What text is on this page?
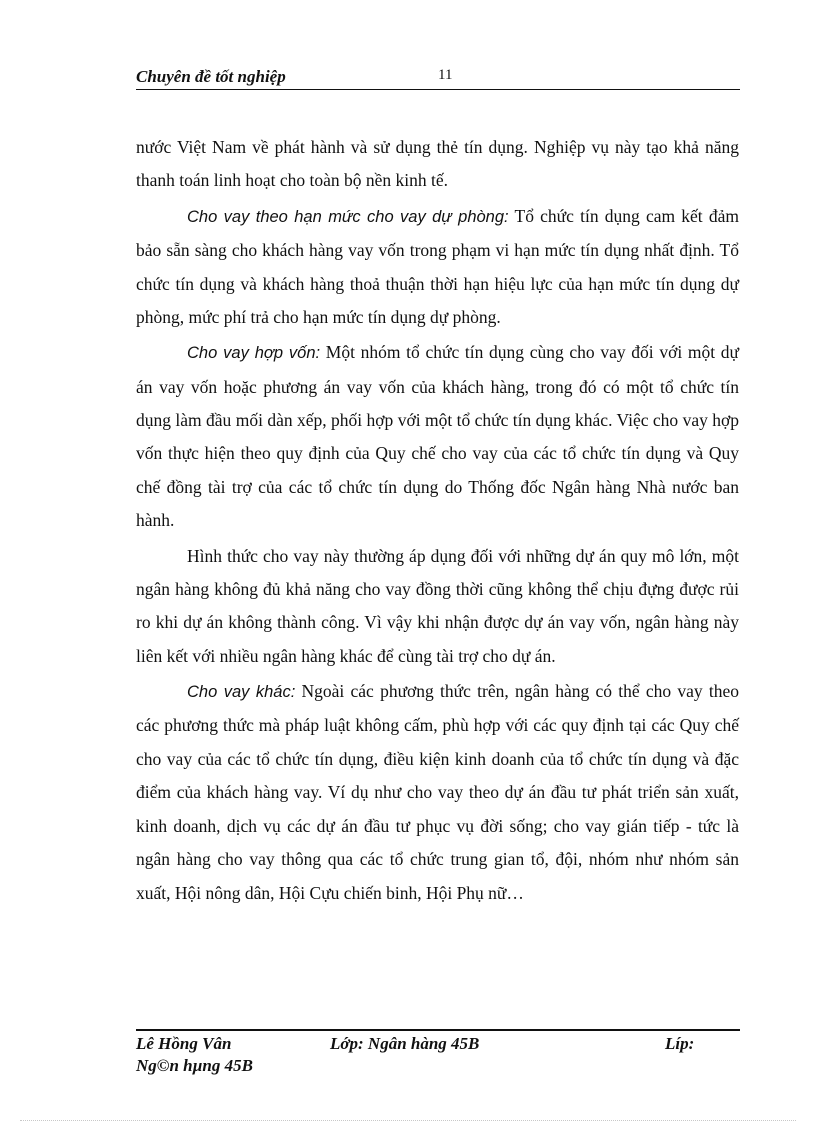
Chuyên đề tốt nghiệp	11

nước Việt Nam về phát hành và sử dụng thẻ tín dụng. Nghiệp vụ này tạo khả năng thanh toán linh hoạt cho toàn bộ nền kinh tế.

Cho vay theo hạn mức cho vay dự phòng: Tổ chức tín dụng cam kết đảm bảo sẵn sàng cho khách hàng vay vốn trong phạm vi hạn mức tín dụng nhất định. Tổ chức tín dụng và khách hàng thoả thuận thời hạn hiệu lực của hạn mức tín dụng dự phòng, mức phí trả cho hạn mức tín dụng dự phòng.

Cho vay hợp vốn: Một nhóm tổ chức tín dụng cùng cho vay đối với một dự án vay vốn hoặc phương án vay vốn của khách hàng, trong đó có một tổ chức tín dụng làm đầu mối dàn xếp, phối hợp với một tổ chức tín dụng khác. Việc cho vay hợp vốn thực hiện theo quy định của Quy chế cho vay của các tổ chức tín dụng và Quy chế đồng tài trợ của các tổ chức tín dụng do Thống đốc Ngân hàng Nhà nước ban hành.

Hình thức cho vay này thường áp dụng đối với những dự án quy mô lớn, một ngân hàng không đủ khả năng cho vay đồng thời cũng không thể chịu đựng được rủi ro khi dự án không thành công. Vì vậy khi nhận được dự án vay vốn, ngân hàng này liên kết với nhiều ngân hàng khác để cùng tài trợ cho dự án.

Cho vay khác: Ngoài các phương thức trên, ngân hàng có thể cho vay theo các phương thức mà pháp luật không cấm, phù hợp với các quy định tại các Quy chế cho vay của các tổ chức tín dụng, điều kiện kinh doanh của tổ chức tín dụng và đặc điểm của khách hàng vay. Ví dụ như cho vay theo dự án đầu tư phát triển sản xuất, kinh doanh, dịch vụ các dự án đầu tư phục vụ đời sống; cho vay gián tiếp - tức là ngân hàng cho vay thông qua các tổ chức trung gian tổ, đội, nhóm như nhóm sản xuất, Hội nông dân, Hội Cựu chiến binh, Hội Phụ nữ…

Lê Hồng Vân	Lớp: Ngân hàng 45B	Líp:
Ng©n hµng 45B
